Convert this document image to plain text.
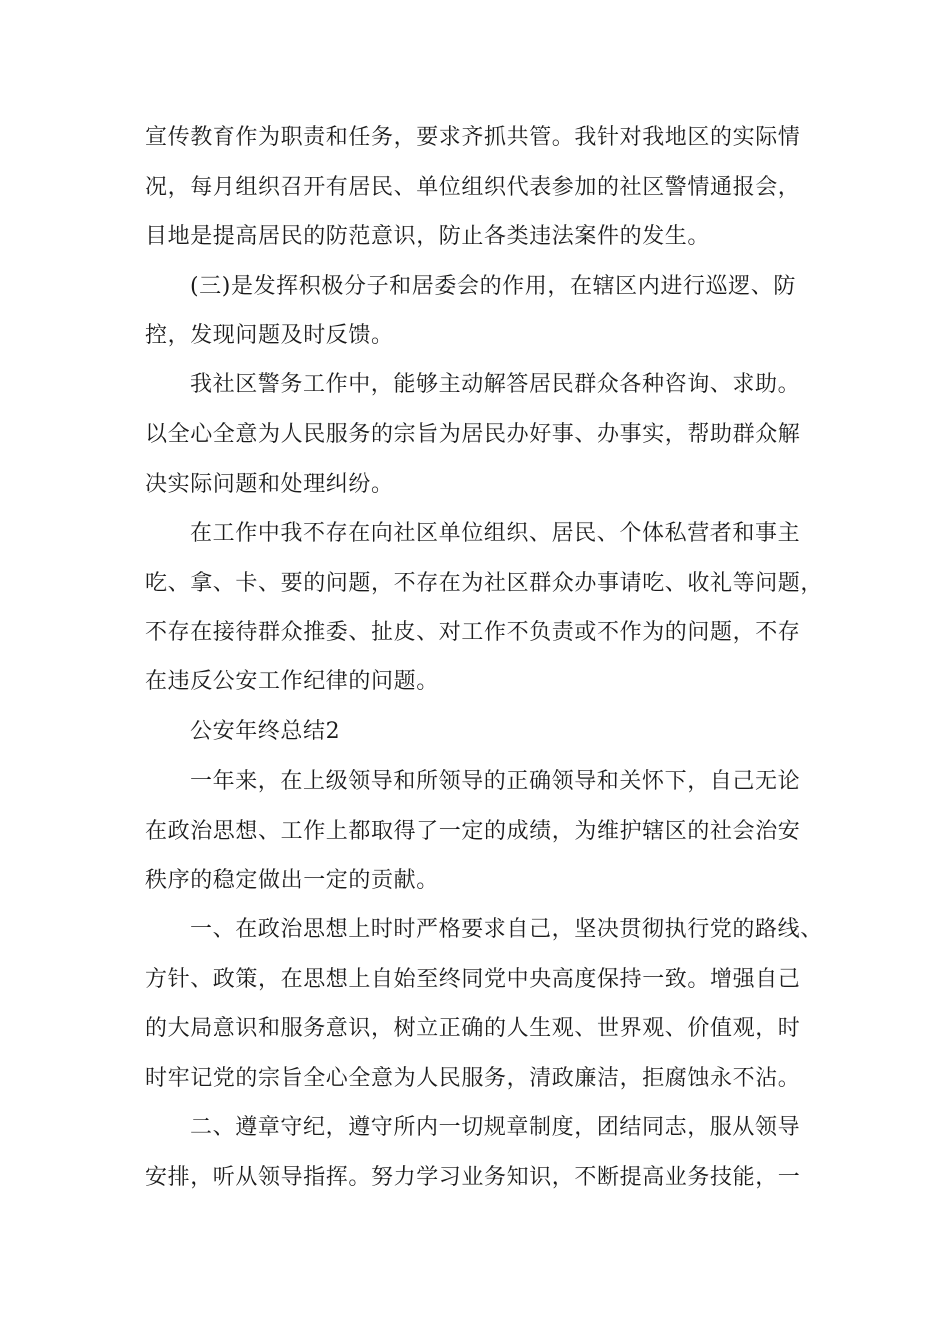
宣传教育作为职责和任务，要求齐抓共管。我针对我地区的实际情
况，每月组织召开有居民、单位组织代表参加的社区警情通报会，
目地是提高居民的防范意识，防止各类违法案件的发生。
(三)是发挥积极分子和居委会的作用，在辖区内进行巡逻、防
控，发现问题及时反馈。
我社区警务工作中，能够主动解答居民群众各种咨询、求助。
以全心全意为人民服务的宗旨为居民办好事、办事实，帮助群众解
决实际问题和处理纠纷。
在工作中我不存在向社区单位组织、居民、个体私营者和事主
吃、拿、卡、要的问题，不存在为社区群众办事请吃、收礼等问题，
不存在接待群众推委、扯皮、对工作不负责或不作为的问题，不存
在违反公安工作纪律的问题。
公安年终总结2
一年来，在上级领导和所领导的正确领导和关怀下，自己无论
在政治思想、工作上都取得了一定的成绩，为维护辖区的社会治安
秩序的稳定做出一定的贡献。
一、在政治思想上时时严格要求自己，坚决贯彻执行党的路线、
方针、政策，在思想上自始至终同党中央高度保持一致。增强自己
的大局意识和服务意识，树立正确的人生观、世界观、价值观，时
时牢记党的宗旨全心全意为人民服务，清政廉洁，拒腐蚀永不沾。
二、遵章守纪，遵守所内一切规章制度，团结同志，服从领导
安排，听从领导指挥。努力学习业务知识，不断提高业务技能，一
